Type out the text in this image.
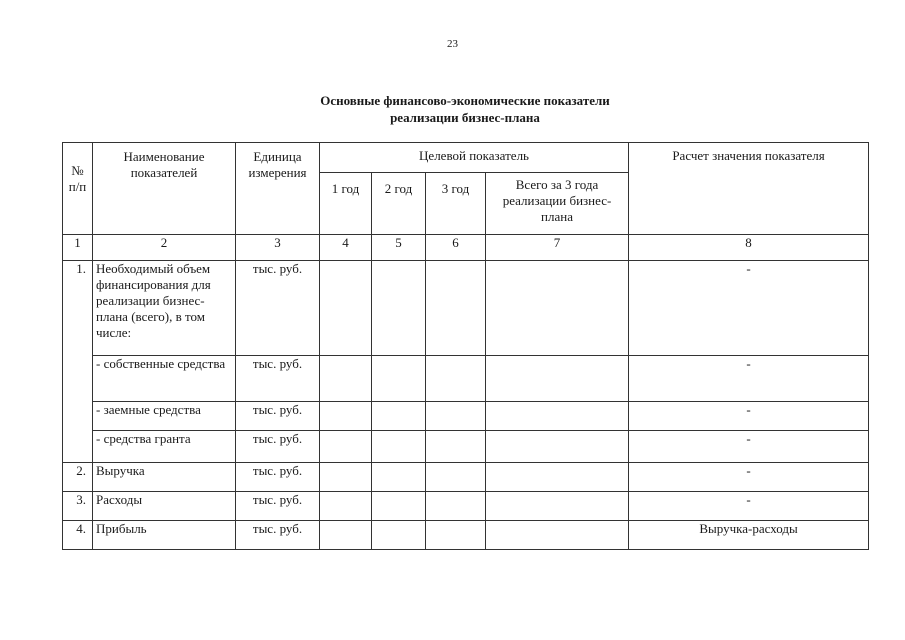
23
Основные финансово-экономические показатели
реализации бизнес-плана
№
п/п	Наименование показателей	Единица измерения	Целевой показатель				Расчет значения показателя
			1 год	2 год	3 год	Всего за 3 года реализации бизнес-плана	
1	2	3	4	5	6	7	8
1.	Необходимый объем финансирования для реализации бизнес-плана (всего), в том числе:	тыс. руб.					-
	- собственные средства	тыс. руб.					-
	- заемные средства	тыс. руб.					-
	- средства гранта	тыс. руб.					-
2.	Выручка	тыс. руб.					-
3.	Расходы	тыс. руб.					-
4.	Прибыль	тыс. руб.					Выручка-расходы
